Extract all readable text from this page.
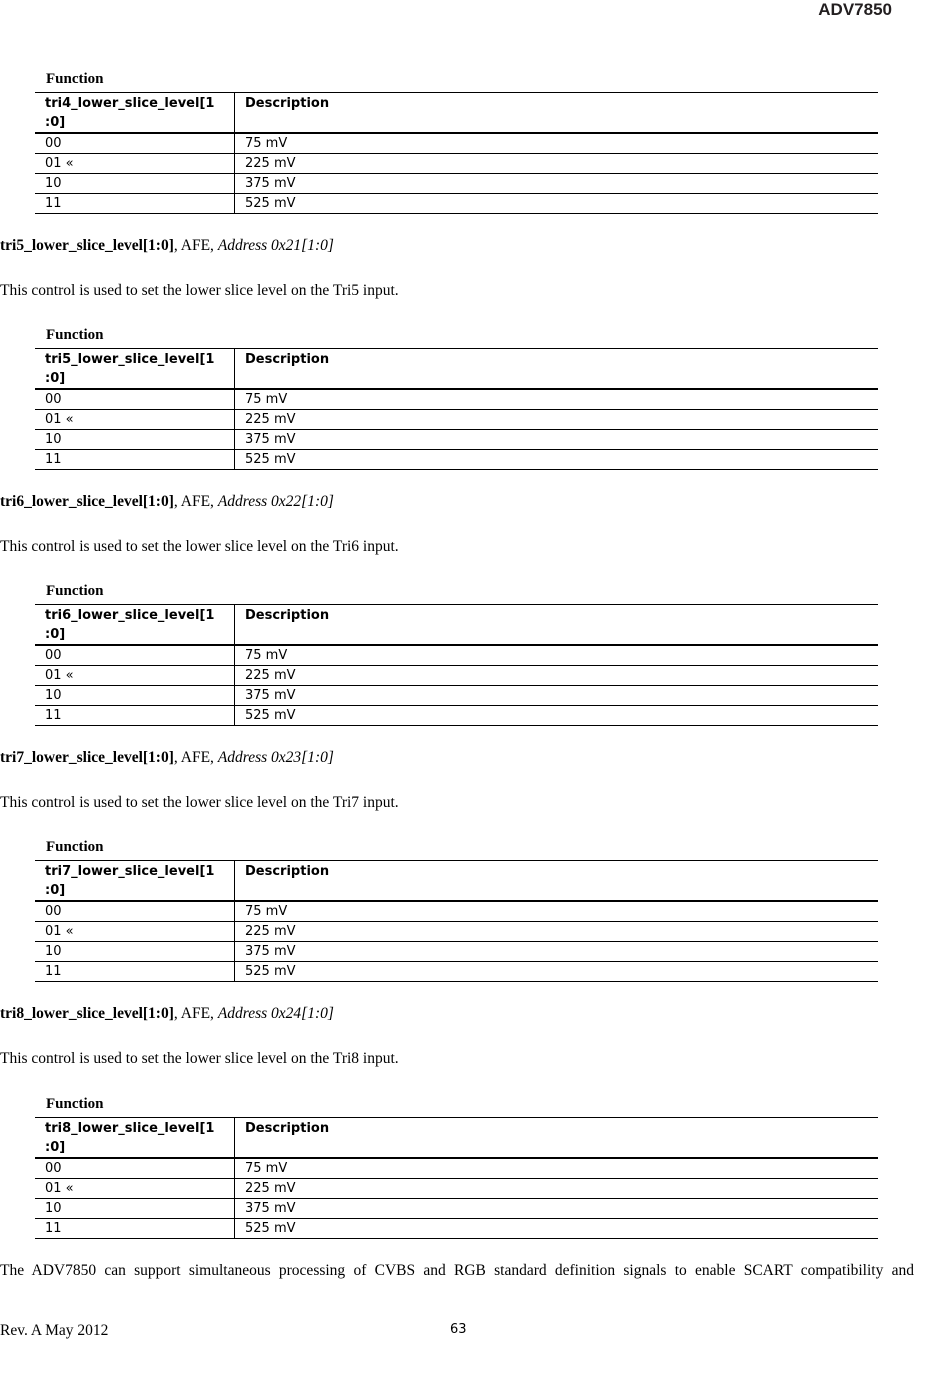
ADV7850
Function
tri4_lower_slice_level[1
:0]	Description
00	75 mV
01 «	225 mV
10	375 mV
11	525 mV
tri5_lower_slice_level[1:0], AFE, Address 0x21[1:0]
This control is used to set the lower slice level on the Tri5 input.
Function
tri5_lower_slice_level[1
:0]	Description
00	75 mV
01 «	225 mV
10	375 mV
11	525 mV
tri6_lower_slice_level[1:0], AFE, Address 0x22[1:0]
This control is used to set the lower slice level on the Tri6 input.
Function
tri6_lower_slice_level[1
:0]	Description
00	75 mV
01 «	225 mV
10	375 mV
11	525 mV
tri7_lower_slice_level[1:0], AFE, Address 0x23[1:0]
This control is used to set the lower slice level on the Tri7 input.
Function
tri7_lower_slice_level[1
:0]	Description
00	75 mV
01 «	225 mV
10	375 mV
11	525 mV
tri8_lower_slice_level[1:0], AFE, Address 0x24[1:0]
This control is used to set the lower slice level on the Tri8 input.
Function
tri8_lower_slice_level[1
:0]	Description
00	75 mV
01 «	225 mV
10	375 mV
11	525 mV
The ADV7850 can support simultaneous processing of CVBS and RGB standard definition signals to enable SCART compatibility and
Rev. A May 2012	63
